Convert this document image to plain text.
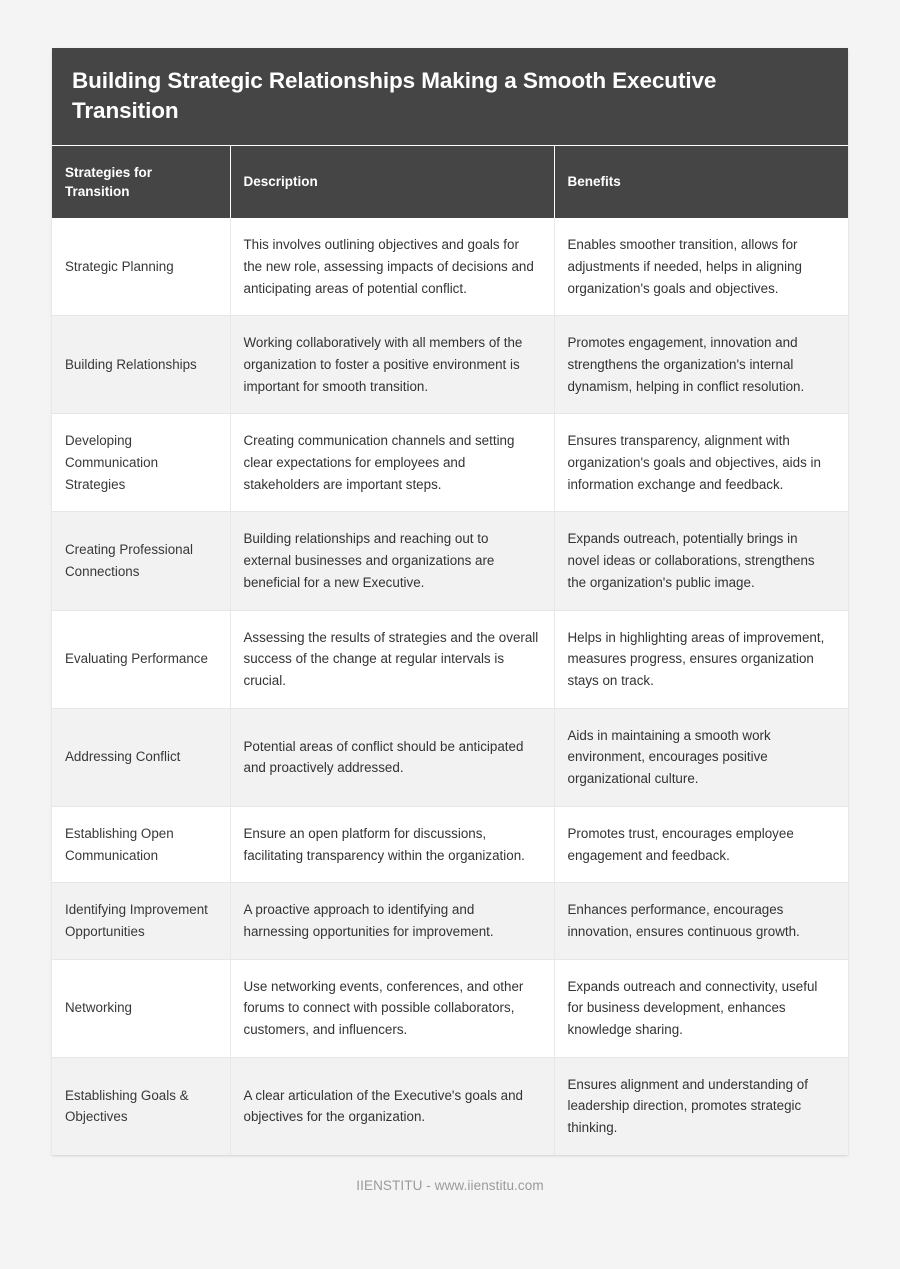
Building Strategic Relationships Making a Smooth Executive Transition
Strategies for Transition	Description	Benefits
Strategic Planning	This involves outlining objectives and goals for the new role, assessing impacts of decisions and anticipating areas of potential conflict.	Enables smoother transition, allows for adjustments if needed, helps in aligning organization's goals and objectives.
Building Relationships	Working collaboratively with all members of the organization to foster a positive environment is important for smooth transition.	Promotes engagement, innovation and strengthens the organization's internal dynamism, helping in conflict resolution.
Developing Communication Strategies	Creating communication channels and setting clear expectations for employees and stakeholders are important steps.	Ensures transparency, alignment with organization's goals and objectives, aids in information exchange and feedback.
Creating Professional Connections	Building relationships and reaching out to external businesses and organizations are beneficial for a new Executive.	Expands outreach, potentially brings in novel ideas or collaborations, strengthens the organization's public image.
Evaluating Performance	Assessing the results of strategies and the overall success of the change at regular intervals is crucial.	Helps in highlighting areas of improvement, measures progress, ensures organization stays on track.
Addressing Conflict	Potential areas of conflict should be anticipated and proactively addressed.	Aids in maintaining a smooth work environment, encourages positive organizational culture.
Establishing Open Communication	Ensure an open platform for discussions, facilitating transparency within the organization.	Promotes trust, encourages employee engagement and feedback.
Identifying Improvement Opportunities	A proactive approach to identifying and harnessing opportunities for improvement.	Enhances performance, encourages innovation, ensures continuous growth.
Networking	Use networking events, conferences, and other forums to connect with possible collaborators, customers, and influencers.	Expands outreach and connectivity, useful for business development, enhances knowledge sharing.
Establishing Goals & Objectives	A clear articulation of the Executive's goals and objectives for the organization.	Ensures alignment and understanding of leadership direction, promotes strategic thinking.
IIENSTITU - www.iienstitu.com
